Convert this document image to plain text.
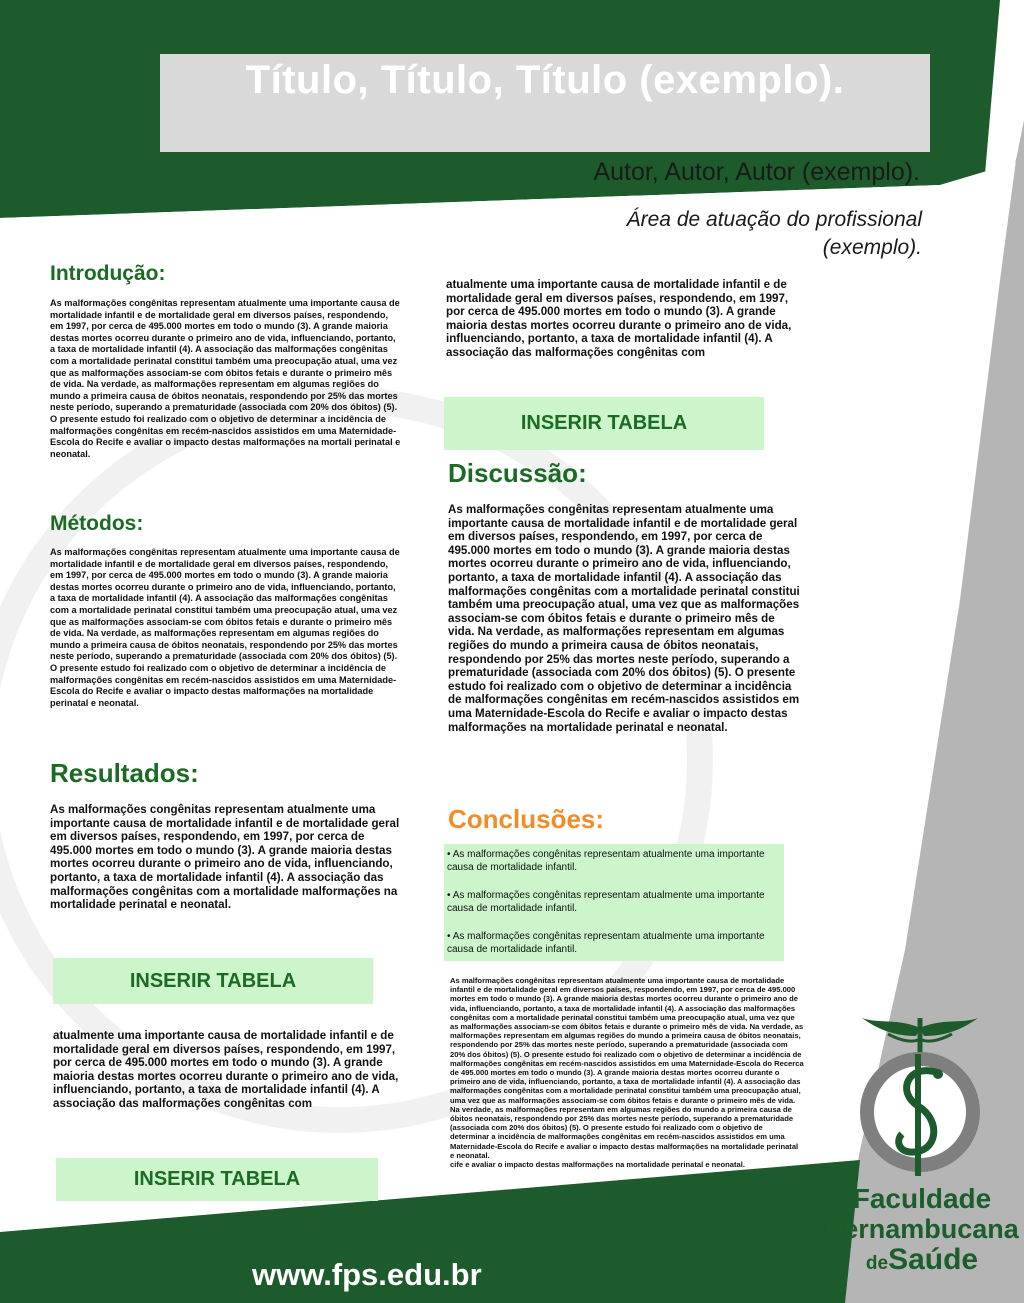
Título, Título, Título (exemplo).
Autor, Autor, Autor (exemplo).
Área de atuação do profissional
(exemplo).
Introdução:
As malformações congênitas representam atualmente uma importante causa de mortalidade infantil e de mortalidade geral em diversos países, respondendo, em 1997, por cerca de 495.000 mortes em todo o mundo (3). A grande maioria destas mortes ocorreu durante o primeiro ano de vida, influenciando, portanto, a taxa de mortalidade infantil (4). A associação das malformações congênitas com a mortalidade perinatal constitui também uma preocupação atual, uma vez que as malformações associam-se com óbitos fetais e durante o primeiro mês de vida. Na verdade, as malformações representam em algumas regiões do mundo a primeira causa de óbitos neonatais, respondendo por 25% das mortes neste período, superando a prematuridade (associada com 20% dos óbitos) (5). O presente estudo foi realizado com o objetivo de determinar a incidência de malformações congênitas em recém-nascidos assistidos em uma Maternidade-Escola do Recife e avaliar o impacto destas malformações na mortali perinatal e neonatal.
Métodos:
As malformações congênitas representam atualmente uma importante causa de mortalidade infantil e de mortalidade geral em diversos países, respondendo, em 1997, por cerca de 495.000 mortes em todo o mundo (3). A grande maioria destas mortes ocorreu durante o primeiro ano de vida, influenciando, portanto, a taxa de mortalidade infantil (4). A associação das malformações congênitas com a mortalidade perinatal constitui também uma preocupação atual, uma vez que as malformações associam-se com óbitos fetais e durante o primeiro mês de vida. Na verdade, as malformações representam em algumas regiões do mundo a primeira causa de óbitos neonatais, respondendo por 25% das mortes neste período, superando a prematuridade (associada com 20% dos óbitos) (5). O presente estudo foi realizado com o objetivo de determinar a incidência de malformações congênitas em recém-nascidos assistidos em uma Maternidade-Escola do Recife e avaliar o impacto destas malformações na mortalidade perinatal e neonatal.
Resultados:
As malformações congênitas representam atualmente uma importante causa de mortalidade infantil e de mortalidade geral em diversos países, respondendo, em 1997, por cerca de 495.000 mortes em todo o mundo (3). A grande maioria destas mortes ocorreu durante o primeiro ano de vida, influenciando, portanto, a taxa de mortalidade infantil (4). A associação das malformações congênitas com a mortalidade malformações na mortalidade perinatal e neonatal.
INSERIR TABELA
atualmente uma importante causa de mortalidade infantil e de mortalidade geral em diversos países, respondendo, em 1997, por cerca de 495.000 mortes em todo o mundo (3). A grande maioria destas mortes ocorreu durante o primeiro ano de vida, influenciando, portanto, a taxa de mortalidade infantil (4). A associação das malformações congênitas com
INSERIR TABELA
atualmente uma importante causa de mortalidade infantil e de mortalidade geral em diversos países, respondendo, em 1997, por cerca de 495.000 mortes em todo o mundo (3). A grande maioria destas mortes ocorreu durante o primeiro ano de vida, influenciando, portanto, a taxa de mortalidade infantil (4). A associação das malformações congênitas com
INSERIR TABELA
Discussão:
As malformações congênitas representam atualmente uma importante causa de mortalidade infantil e de mortalidade geral em diversos países, respondendo, em 1997, por cerca de 495.000 mortes em todo o mundo (3). A grande maioria destas mortes ocorreu durante o primeiro ano de vida, influenciando, portanto, a taxa de mortalidade infantil (4). A associação das malformações congênitas com a mortalidade perinatal constitui também uma preocupação atual, uma vez que as malformações associam-se com óbitos fetais e durante o primeiro mês de vida. Na verdade, as malformações representam em algumas regiões do mundo a primeira causa de óbitos neonatais, respondendo por 25% das mortes neste período, superando a prematuridade (associada com 20% dos óbitos) (5). O presente estudo foi realizado com o objetivo de determinar a incidência de malformações congênitas em recém-nascidos assistidos em uma Maternidade-Escola do Recife e avaliar o impacto destas malformações na mortalidade perinatal e neonatal.
Conclusões:
• As malformações congênitas representam atualmente uma importante causa de mortalidade infantil.
• As malformações congênitas representam atualmente uma importante causa de mortalidade infantil.
• As malformações congênitas representam atualmente uma importante causa de mortalidade infantil.
As malformações congênitas representam atualmente uma importante causa de mortalidade infantil e de mortalidade geral em diversos países, respondendo, em 1997, por cerca de 495.000 mortes em todo o mundo (3). A grande maioria destas mortes ocorreu durante o primeiro ano de vida, influenciando, portanto, a taxa de mortalidade infantil (4). A associação das malformações congênitas com a mortalidade perinatal constitui também uma preocupação atual, uma vez que as malformações associam-se com óbitos fetais e durante o primeiro mês de vida. Na verdade, as malformações representam em algumas regiões do mundo a primeira causa de óbitos neonatais, respondendo por 25% das mortes neste período, superando a prematuridade (associada com 20% dos óbitos) (5). O presente estudo foi realizado com o objetivo de determinar a incidência de malformações congênitas em recém-nascidos assistidos em uma Maternidade-Escola do Recerca de 495.000 mortes em todo o mundo (3). A grande maioria destas mortes ocorreu durante o primeiro ano de vida, influenciando, portanto, a taxa de mortalidade infantil (4). A associação das malformações congênitas com a mortalidade perinatal constitui também uma preocupação atual, uma vez que as malformações associam-se com óbitos fetais e durante o primeiro mês de vida. Na verdade, as malformações representam em algumas regiões do mundo a primeira causa de óbitos neonatais, respondendo por 25% das mortes neste período, superando a prematuridade (associada com 20% dos óbitos) (5). O presente estudo foi realizado com o objetivo de determinar a incidência de malformações congênitas em recém-nascidos assistidos em uma Maternidade-Escola do Recife e avaliar o impacto destas malformações na mortalidade perinatal e neonatal.
cife e avaliar o impacto destas malformações na mortalidade perinatal e neonatal.
Faculdade
Pernambucana
deSaúde
www.fps.edu.br
